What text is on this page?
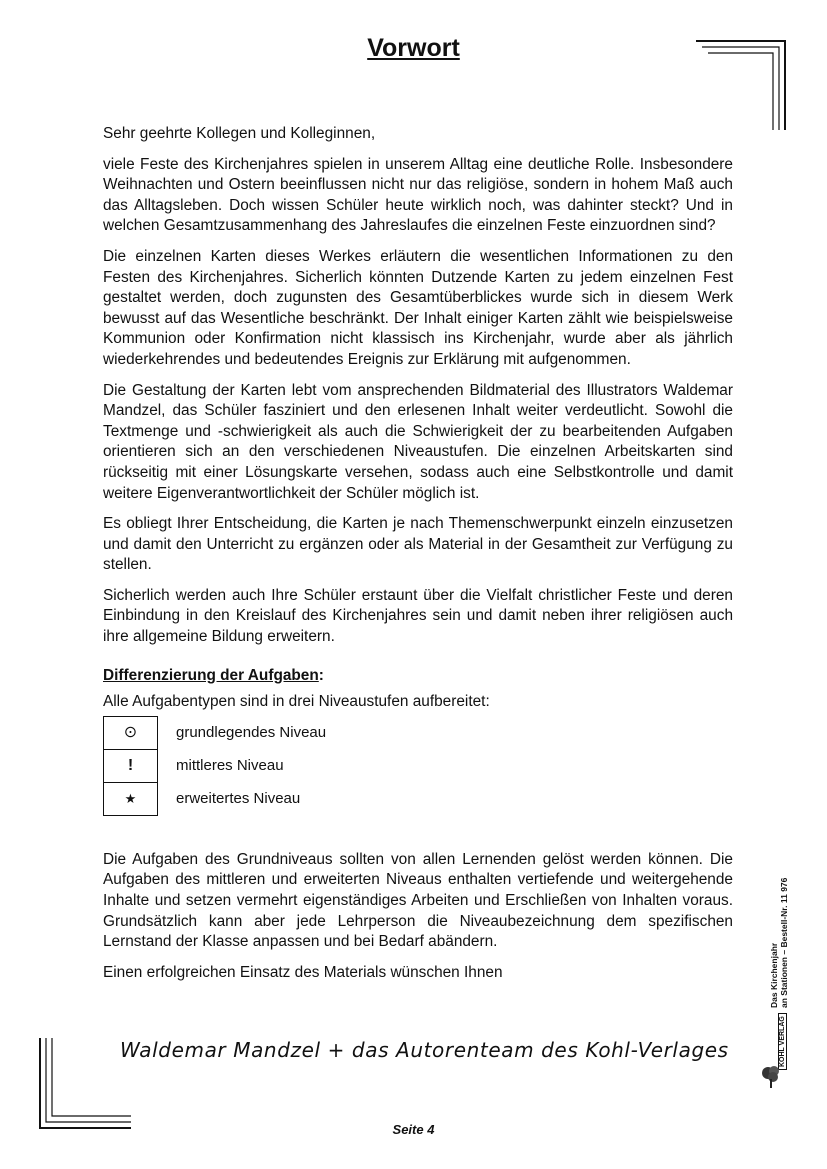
Vorwort

Sehr geehrte Kollegen und Kolleginnen,

viele Feste des Kirchenjahres spielen in unserem Alltag eine deutliche Rolle. Insbesondere Weihnachten und Ostern beeinflussen nicht nur das religiöse, sondern in hohem Maß auch das Alltagsleben. Doch wissen Schüler heute wirklich noch, was dahinter steckt? Und in welchen Gesamtzusammenhang des Jahreslaufes die einzelnen Feste einzuordnen sind?

Die einzelnen Karten dieses Werkes erläutern die wesentlichen Informationen zu den Festen des Kirchenjahres. Sicherlich könnten Dutzende Karten zu jedem einzelnen Fest gestaltet werden, doch zugunsten des Gesamtüberblickes wurde sich in diesem Werk bewusst auf das Wesentliche beschränkt. Der Inhalt einiger Karten zählt wie beispielsweise Kommunion oder Konfirmation nicht klassisch ins Kirchenjahr, wurde aber als jährlich wiederkehrendes und bedeutendes Ereignis zur Erklärung mit aufgenommen.

Die Gestaltung der Karten lebt vom ansprechenden Bildmaterial des Illustrators Waldemar Mandzel, das Schüler fasziniert und den erlesenen Inhalt weiter verdeutlicht. Sowohl die Textmenge und -schwierigkeit als auch die Schwierigkeit der zu bearbeitenden Aufgaben orientieren sich an den verschiedenen Niveaustufen. Die einzelnen Arbeitskarten sind rückseitig mit einer Lösungskarte versehen, sodass auch eine Selbstkontrolle und damit weitere Eigenverantwortlichkeit der Schüler möglich ist.

Es obliegt Ihrer Entscheidung, die Karten je nach Themenschwerpunkt einzeln einzusetzen und damit den Unterricht zu ergänzen oder als Material in der Gesamtheit zur Verfügung zu stellen.

Sicherlich werden auch Ihre Schüler erstaunt über die Vielfalt christlicher Feste und deren Einbindung in den Kreislauf des Kirchenjahres sein und damit neben ihrer religiösen auch ihre allgemeine Bildung erweitern.

Differenzierung der Aufgaben:
Alle Aufgabentypen sind in drei Niveaustufen aufbereitet:
⊙	grundlegendes Niveau
!	mittleres Niveau
★	erweitertes Niveau

Die Aufgaben des Grundniveaus sollten von allen Lernenden gelöst werden können. Die Aufgaben des mittleren und erweiterten Niveaus enthalten vertiefende und weitergehende Inhalte und setzen vermehrt eigenständiges Arbeiten und Erschließen von Inhalten voraus. Grundsätzlich kann aber jede Lehrperson die Niveaubezeichnung dem spezifischen Lernstand der Klasse anpassen und bei Bedarf abändern.

Einen erfolgreichen Einsatz des Materials wünschen Ihnen

Waldemar Mandzel + das Autorenteam des Kohl-Verlages
Seite 4
Das Kirchenjahr an Stationen – Bestell-Nr. 11 976
KOHL VERLAG
